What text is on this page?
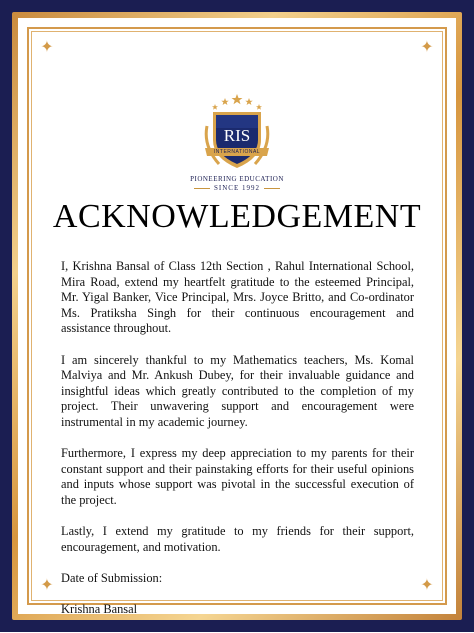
✦	✦
✦	✦
RIS
INTERNATIONAL
PIONEERING EDUCATION
SINCE 1992
ACKNOWLEDGEMENT

I, Krishna Bansal of Class 12th Section , Rahul International School, Mira Road, extend my heartfelt gratitude to the esteemed Principal, Mr. Yigal Banker, Vice Principal, Mrs. Joyce Britto, and Co-ordinator Ms. Pratiksha Singh for their continuous encouragement and assistance throughout.

I am sincerely thankful to my Mathematics teachers, Ms. Komal Malviya and Mr. Ankush Dubey, for their invaluable guidance and insightful ideas which greatly contributed to the completion of my project. Their unwavering support and encouragement were instrumental in my academic journey.

Furthermore, I express my deep appreciation to my parents for their constant support and their painstaking efforts for their useful opinions and inputs whose support was pivotal in the successful execution of the project.

Lastly, I extend my gratitude to my friends for their support, encouragement, and motivation.

Date of Submission:

Krishna Bansal
